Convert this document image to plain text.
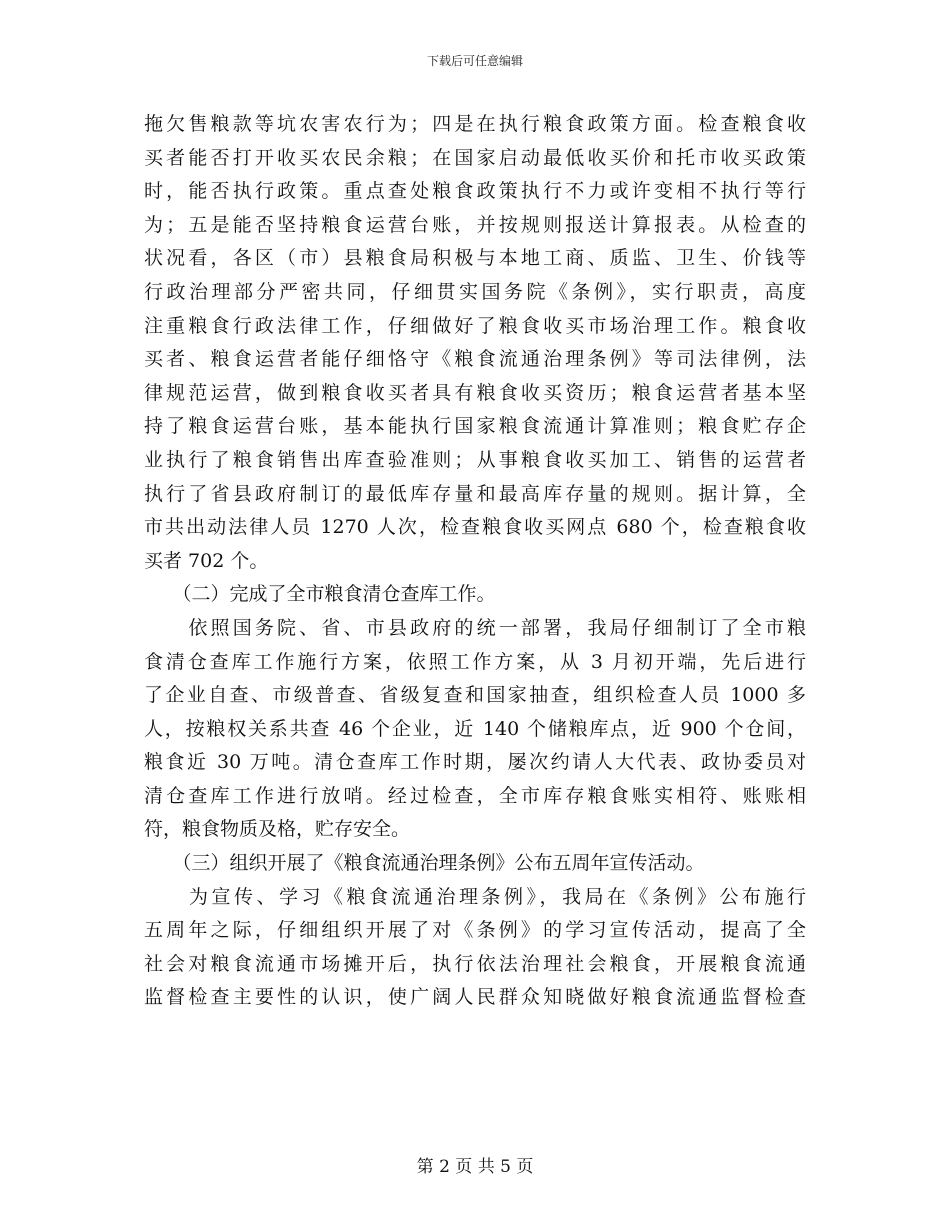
下载后可任意编辑
拖欠售粮款等坑农害农行为；四是在执行粮食政策方面。检查粮食收
买者能否打开收买农民余粮；在国家启动最低收买价和托市收买政策
时，能否执行政策。重点查处粮食政策执行不力或许变相不执行等行
为；五是能否坚持粮食运营台账，并按规则报送计算报表。从检查的
状况看，各区（市）县粮食局积极与本地工商、质监、卫生、价钱等
行政治理部分严密共同，仔细贯实国务院《条例》，实行职责，高度
注重粮食行政法律工作，仔细做好了粮食收买市场治理工作。粮食收
买者、粮食运营者能仔细恪守《粮食流通治理条例》等司法律例，法
律规范运营，做到粮食收买者具有粮食收买资历；粮食运营者基本坚
持了粮食运营台账，基本能执行国家粮食流通计算准则；粮食贮存企
业执行了粮食销售出库查验准则；从事粮食收买加工、销售的运营者
执行了省县政府制订的最低库存量和最高库存量的规则。据计算，全
市共出动法律人员 1270 人次，检查粮食收买网点 680 个，检查粮食收
买者 702 个。
　　（二）完成了全市粮食清仓查库工作。
　　依照国务院、省、市县政府的统一部署，我局仔细制订了全市粮
食清仓查库工作施行方案，依照工作方案，从 3 月初开端，先后进行
了企业自查、市级普查、省级复查和国家抽查，组织检查人员 1000 多
人，按粮权关系共查 46 个企业，近 140 个储粮库点，近 900 个仓间，
粮食近 30 万吨。清仓查库工作时期，屡次约请人大代表、政协委员对
清仓查库工作进行放哨。经过检查，全市库存粮食账实相符、账账相
符，粮食物质及格，贮存安全。
　　（三）组织开展了《粮食流通治理条例》公布五周年宣传活动。
　　为宣传、学习《粮食流通治理条例》，我局在《条例》公布施行
五周年之际，仔细组织开展了对《条例》的学习宣传活动，提高了全
社会对粮食流通市场摊开后，执行依法治理社会粮食，开展粮食流通
监督检查主要性的认识，使广阔人民群众知晓做好粮食流通监督检查
第 2 页 共 5 页
